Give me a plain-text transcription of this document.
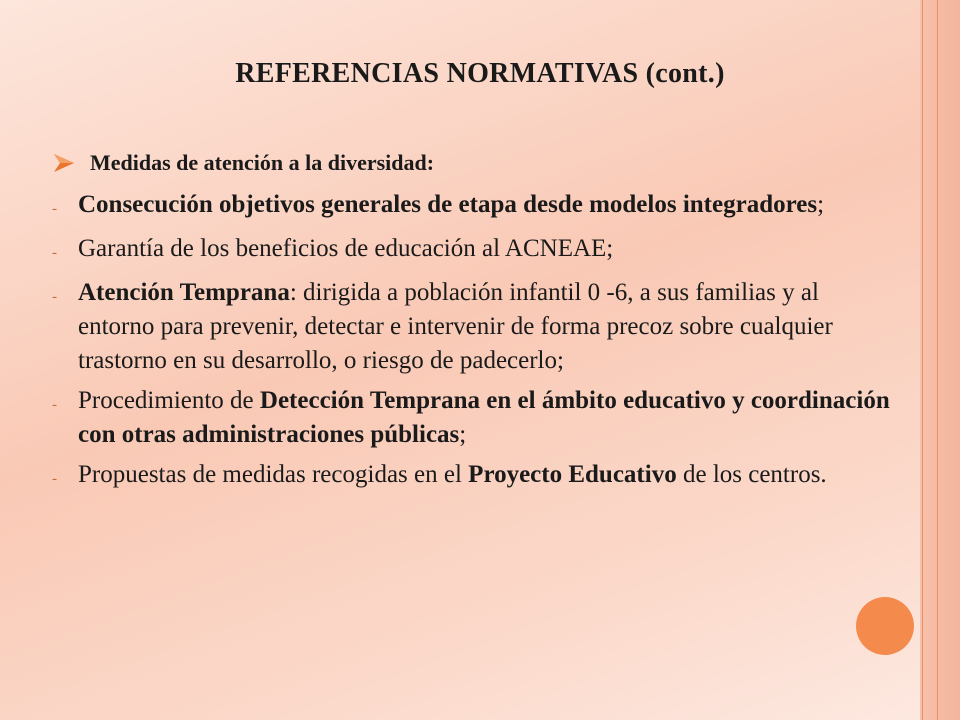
REFERENCIAS NORMATIVAS (cont.)
Medidas de atención a la diversidad:
- Consecución objetivos generales de etapa desde modelos integradores;
- Garantía de los beneficios de educación al ACNEAE;
- Atención Temprana: dirigida a población infantil 0 -6, a sus familias y al entorno para prevenir, detectar e intervenir de forma precoz sobre cualquier trastorno en su desarrollo, o riesgo de padecerlo;
- Procedimiento de Detección Temprana en el ámbito educativo y coordinación con otras administraciones públicas;
- Propuestas de medidas recogidas en el Proyecto Educativo de los centros.
